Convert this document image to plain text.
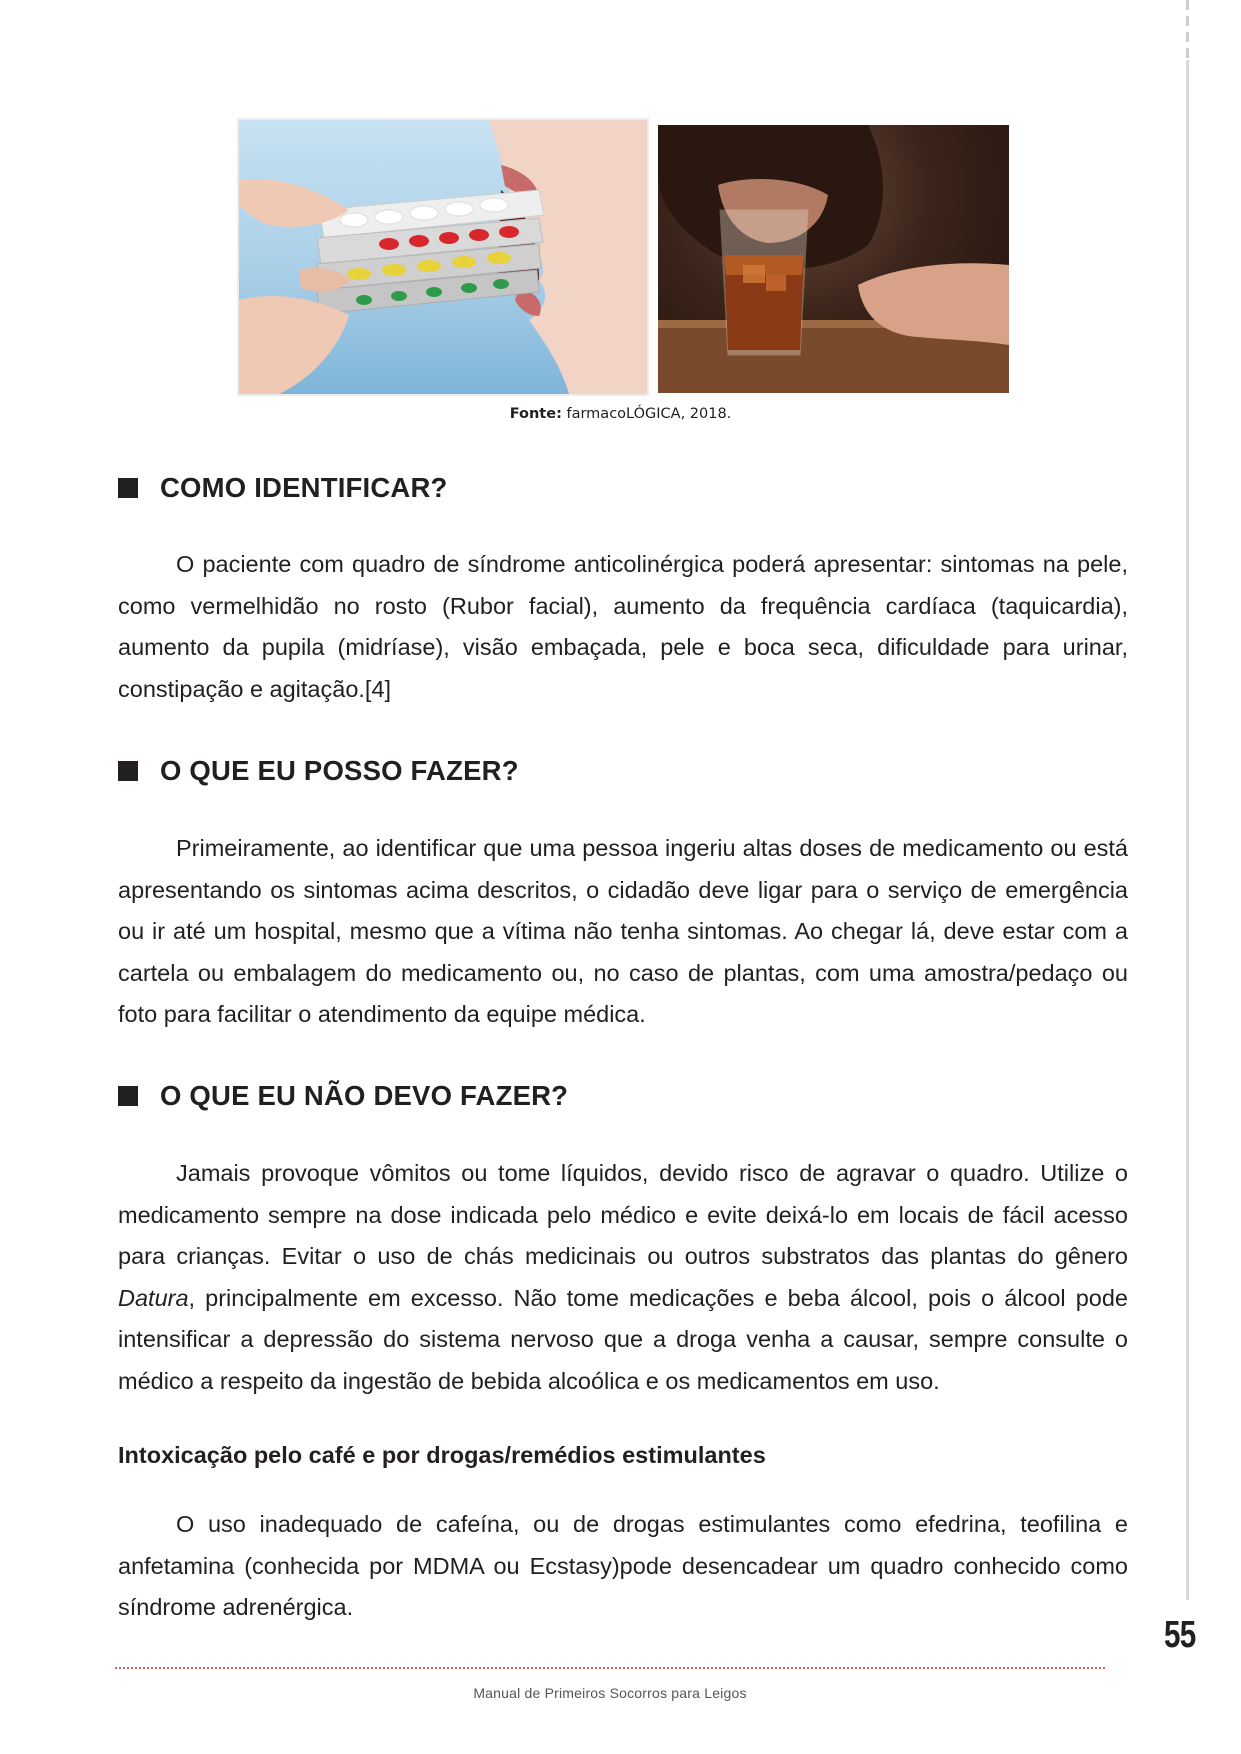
Fonte: farmacoLÓGICA, 2018.
COMO IDENTIFICAR?

O paciente com quadro de síndrome anticolinérgica poderá apresentar: sintomas na pele, como vermelhidão no rosto (Rubor facial), aumento da frequência cardíaca (taquicardia), aumento da pupila (midríase), visão embaçada, pele e boca seca, dificuldade para urinar, constipação e agitação.[4]

O QUE EU POSSO FAZER?

Primeiramente, ao identificar que uma pessoa ingeriu altas doses de medicamento ou está apresentando os sintomas acima descritos, o cidadão deve ligar para o serviço de emergência ou ir até um hospital, mesmo que a vítima não tenha sintomas. Ao chegar lá, deve estar com a cartela ou embalagem do medicamento ou, no caso de plantas, com uma amostra/pedaço ou foto para facilitar o atendimento da equipe médica.

O QUE EU NÃO DEVO FAZER?

Jamais provoque vômitos ou tome líquidos, devido risco de agravar o quadro. Utilize o medicamento sempre na dose indicada pelo médico e evite deixá-lo em locais de fácil acesso para crianças. Evitar o uso de chás medicinais ou outros substratos das plantas do gênero Datura, principalmente em excesso. Não tome medicações e beba álcool, pois o álcool pode intensificar a depressão do sistema nervoso que a droga venha a causar, sempre consulte o médico a respeito da ingestão de bebida alcoólica e os medicamentos em uso.

Intoxicação pelo café e por drogas/remédios estimulantes

O uso inadequado de cafeína, ou de drogas estimulantes como efedrina, teofilina e anfetamina (conhecida por MDMA ou Ecstasy)pode desencadear um quadro conhecido como síndrome adrenérgica.

55
Manual de Primeiros Socorros para Leigos
